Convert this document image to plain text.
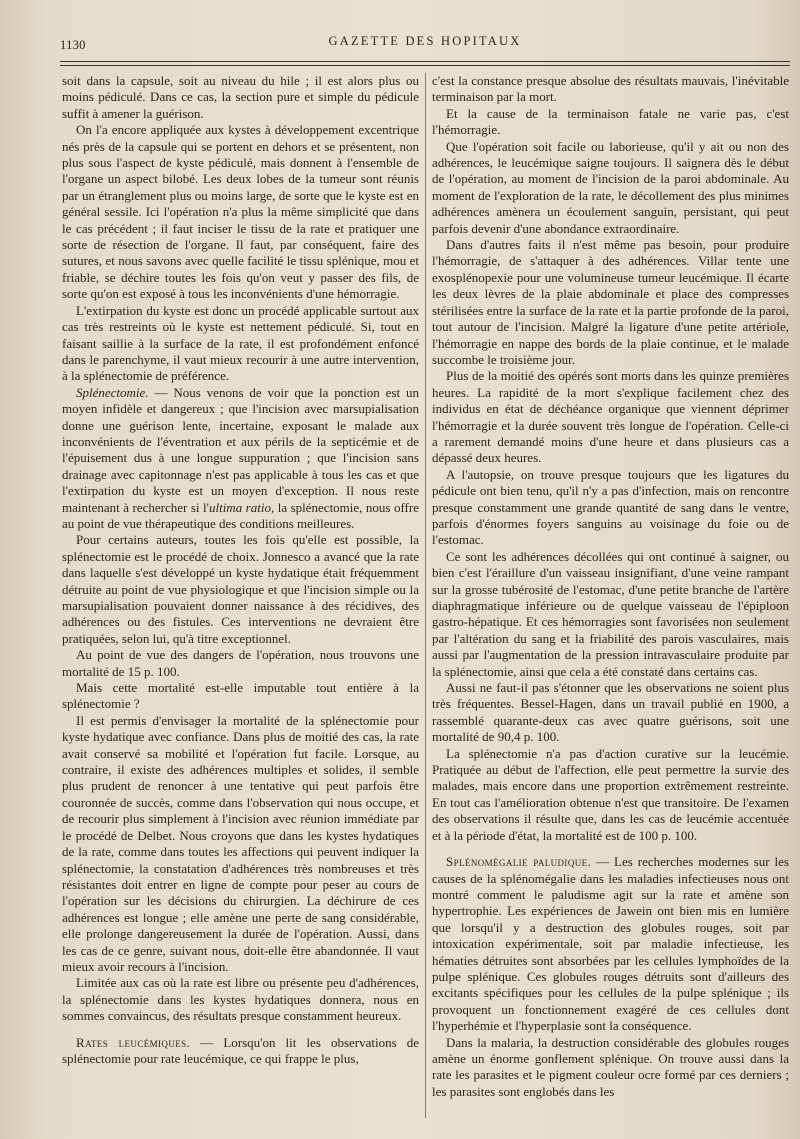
1130	GAZETTE DES HOPITAUX

soit dans la capsule, soit au niveau du hile ; il est alors plus ou moins pédiculé. Dans ce cas, la section pure et simple du pédicule suffit à amener la guérison.

On l'a encore appliquée aux kystes à développement excentrique nés près de la capsule qui se portent en dehors et se présentent, non plus sous l'aspect de kyste pédiculé, mais donnent à l'ensemble de l'organe un aspect bilobé. Les deux lobes de la tumeur sont réunis par un étranglement plus ou moins large, de sorte que le kyste est en général sessile. Ici l'opération n'a plus la même simplicité que dans le cas précédent ; il faut inciser le tissu de la rate et pratiquer une sorte de résection de l'organe. Il faut, par conséquent, faire des sutures, et nous savons avec quelle facilité le tissu splénique, mou et friable, se déchire toutes les fois qu'on veut y passer des fils, de sorte qu'on est exposé à tous les inconvénients d'une hémorragie.

L'extirpation du kyste est donc un procédé applicable surtout aux cas très restreints où le kyste est nettement pédiculé. Si, tout en faisant saillie à la surface de la rate, il est profondément enfoncé dans le parenchyme, il vaut mieux recourir à une autre intervention, à la splénectomie de préférence.

Splénectomie. — Nous venons de voir que la ponction est un moyen infidèle et dangereux ; que l'incision avec marsupialisation donne une guérison lente, incertaine, exposant le malade aux inconvénients de l'éventration et aux périls de la septicémie et de l'épuisement dus à une longue suppuration ; que l'incision sans drainage avec capitonnage n'est pas applicable à tous les cas et que l'extirpation du kyste est un moyen d'exception. Il nous reste maintenant à rechercher si l'ultima ratio, la splénectomie, nous offre au point de vue thérapeutique des conditions meilleures.

Pour certains auteurs, toutes les fois qu'elle est possible, la splénectomie est le procédé de choix. Jonnesco a avancé que la rate dans laquelle s'est développé un kyste hydatique était fréquemment détruite au point de vue physiologique et que l'incision simple ou la marsupialisation pouvaient donner naissance à des récidives, des adhérences ou des fistules. Ces interventions ne devraient être pratiquées, selon lui, qu'à titre exceptionnel.

Au point de vue des dangers de l'opération, nous trouvons une mortalité de 15 p. 100.

Mais cette mortalité est-elle imputable tout entière à la splénectomie ?

Il est permis d'envisager la mortalité de la splénectomie pour kyste hydatique avec confiance. Dans plus de moitié des cas, la rate avait conservé sa mobilité et l'opération fut facile. Lorsque, au contraire, il existe des adhérences multiples et solides, il semble plus prudent de renoncer à une tentative qui peut parfois être couronnée de succès, comme dans l'observation qui nous occupe, et de recourir plus simplement à l'incision avec réunion immédiate par le procédé de Delbet. Nous croyons que dans les kystes hydatiques de la rate, comme dans toutes les affections qui peuvent indiquer la splénectomie, la constatation d'adhérences très nombreuses et très résistantes doit entrer en ligne de compte pour peser au cours de l'opération sur les décisions du chirurgien. La déchirure de ces adhérences est longue ; elle amène une perte de sang considérable, elle prolonge dangereusement la durée de l'opération. Aussi, dans les cas de ce genre, suivant nous, doit-elle être abandonnée. Il vaut mieux avoir recours à l'incision.

Limitée aux cas où la rate est libre ou présente peu d'adhérences, la splénectomie dans les kystes hydatiques donnera, nous en sommes convaincus, des résultats presque constamment heureux.

Rates leucémiques. — Lorsqu'on lit les observations de splénectomie pour rate leucémique, ce qui frappe le plus,

c'est la constance presque absolue des résultats mauvais, l'inévitable terminaison par la mort.

Et la cause de la terminaison fatale ne varie pas, c'est l'hémorragie.

Que l'opération soit facile ou laborieuse, qu'il y ait ou non des adhérences, le leucémique saigne toujours. Il saignera dès le début de l'opération, au moment de l'incision de la paroi abdominale. Au moment de l'exploration de la rate, le décollement des plus minimes adhérences amènera un écoulement sanguin, persistant, qui peut parfois devenir d'une abondance extraordinaire.

Dans d'autres faits il n'est même pas besoin, pour produire l'hémorragie, de s'attaquer à des adhérences. Villar tente une exosplénopexie pour une volumineuse tumeur leucémique. Il écarte les deux lèvres de la plaie abdominale et place des compresses stérilisées entre la surface de la rate et la partie profonde de la paroi, tout autour de l'incision. Malgré la ligature d'une petite artériole, l'hémorragie en nappe des bords de la plaie continue, et le malade succombe le troisième jour.

Plus de la moitié des opérés sont morts dans les quinze premières heures. La rapidité de la mort s'explique facilement chez des individus en état de déchéance organique que viennent déprimer l'hémorragie et la durée souvent très longue de l'opération. Celle-ci a rarement demandé moins d'une heure et dans plusieurs cas a dépassé deux heures.

A l'autopsie, on trouve presque toujours que les ligatures du pédicule ont bien tenu, qu'il n'y a pas d'infection, mais on rencontre presque constamment une grande quantité de sang dans le ventre, parfois d'énormes foyers sanguins au voisinage du foie ou de l'estomac.

Ce sont les adhérences décollées qui ont continué à saigner, ou bien c'est l'éraillure d'un vaisseau insignifiant, d'une veine rampant sur la grosse tubérosité de l'estomac, d'une petite branche de l'artère diaphragmatique inférieure ou de quelque vaisseau de l'épiploon gastro-hépatique. Et ces hémorragies sont favorisées non seulement par l'altération du sang et la friabilité des parois vasculaires, mais aussi par l'augmentation de la pression intravasculaire produite par la splénectomie, ainsi que cela a été constaté dans certains cas.

Aussi ne faut-il pas s'étonner que les observations ne soient plus très fréquentes. Bessel-Hagen, dans un travail publié en 1900, a rassemblé quarante-deux cas avec quatre guérisons, soit une mortalité de 90,4 p. 100.

La splénectomie n'a pas d'action curative sur la leucémie. Pratiquée au début de l'affection, elle peut permettre la survie des malades, mais encore dans une proportion extrêmement restreinte. En tout cas l'amélioration obtenue n'est que transitoire. De l'examen des observations il résulte que, dans les cas de leucémie accentuée et à la période d'état, la mortalité est de 100 p. 100.

Splénomégalie paludique. — Les recherches modernes sur les causes de la splénomégalie dans les maladies infectieuses nous ont montré comment le paludisme agit sur la rate et amène son hypertrophie. Les expériences de Jawein ont bien mis en lumière que lorsqu'il y a destruction des globules rouges, soit par intoxication expérimentale, soit par maladie infectieuse, les hématies détruites sont absorbées par les cellules lymphoïdes de la pulpe splénique. Ces globules rouges détruits sont d'ailleurs des excitants spécifiques pour les cellules de la pulpe splénique ; ils provoquent un fonctionnement exagéré de ces cellules dont l'hyperhémie et l'hyperplasie sont la conséquence.

Dans la malaria, la destruction considérable des globules rouges amène un énorme gonflement splénique. On trouve aussi dans la rate les parasites et le pigment couleur ocre formé par ces derniers ; les parasites sont englobés dans les
